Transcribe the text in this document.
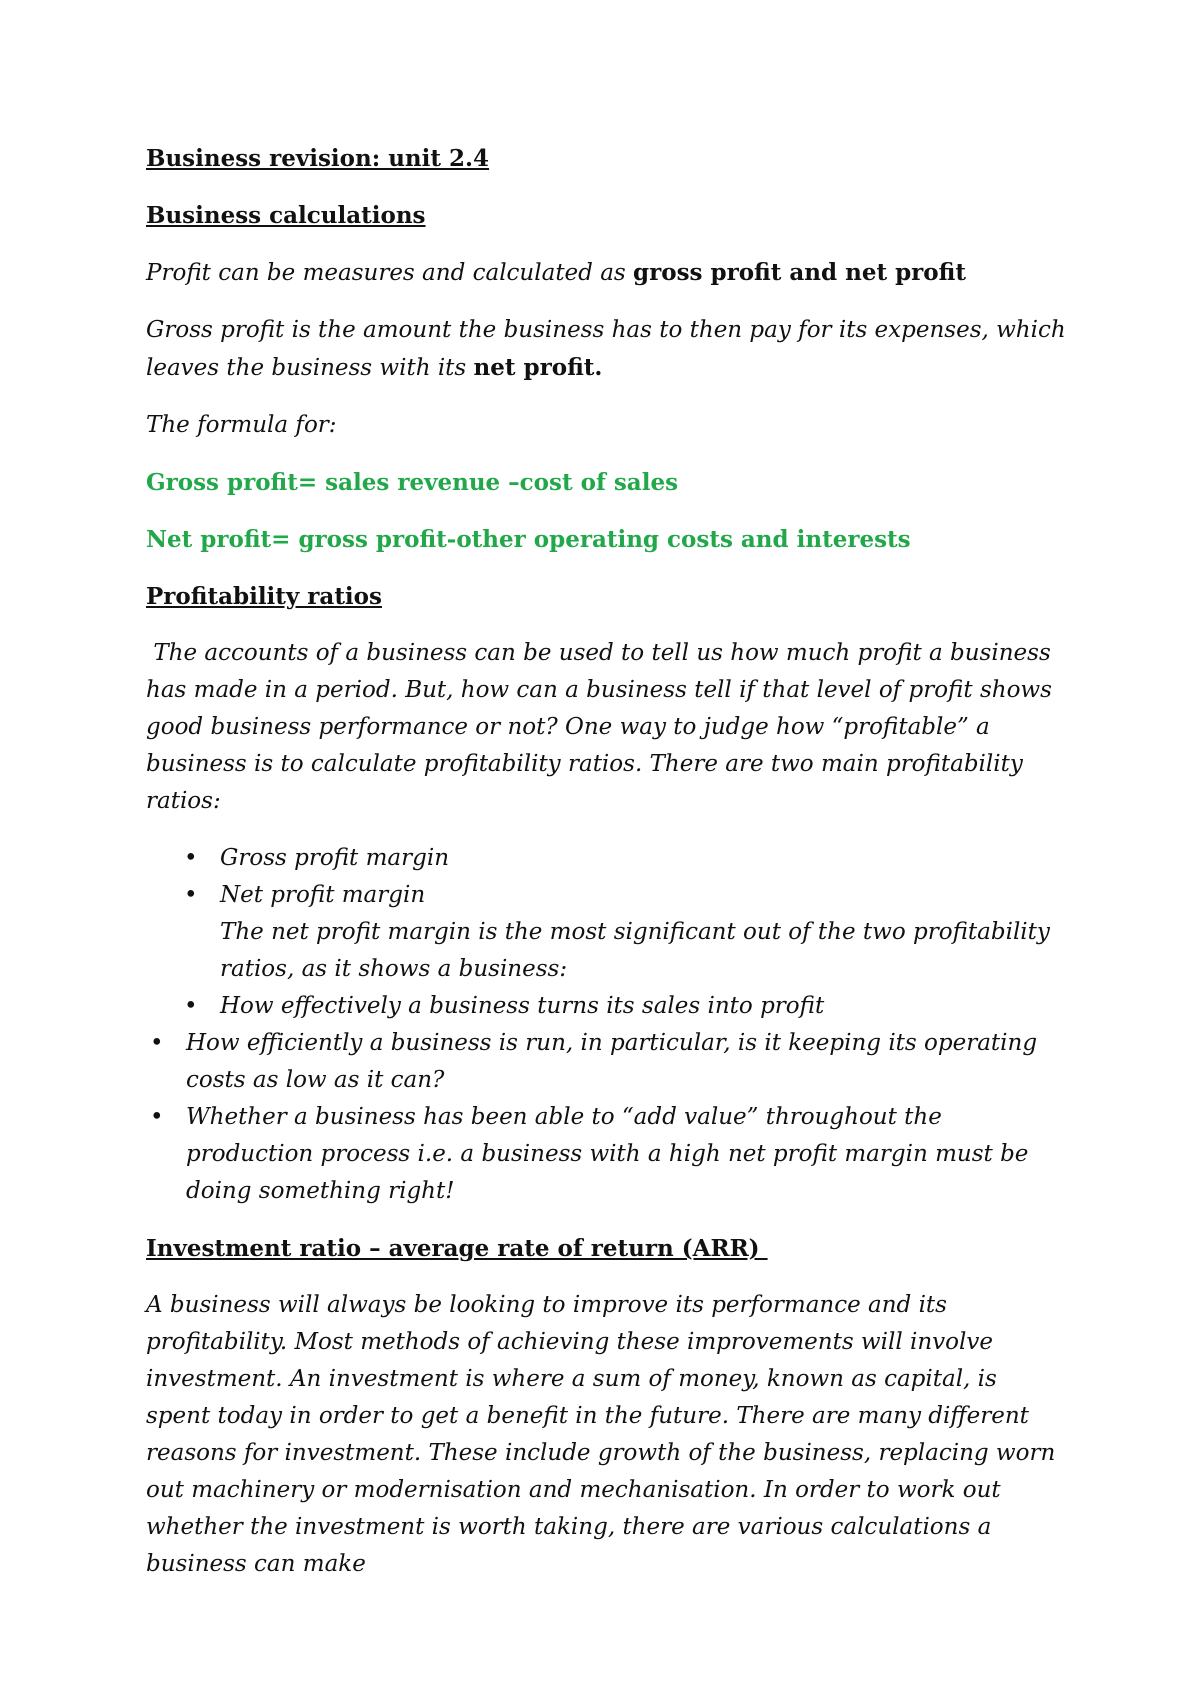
Business revision: unit 2.4
Business calculations

Profit can be measures and calculated as gross profit and net profit

Gross profit is the amount the business has to then pay for its expenses, which leaves the business with its net profit.

The formula for:

Gross profit= sales revenue –cost of sales
Net profit= gross profit-other operating costs and interests
Profitability ratios

The accounts of a business can be used to tell us how much profit a business has made in a period. But, how can a business tell if that level of profit shows good business performance or not? One way to judge how “profitable” a business is to calculate profitability ratios. There are two main profitability ratios:

• Gross profit margin
• Net profit margin
The net profit margin is the most significant out of the two profitability ratios, as it shows a business:
• How effectively a business turns its sales into profit
• How efficiently a business is run, in particular, is it keeping its operating costs as low as it can?
• Whether a business has been able to “add value” throughout the production process i.e. a business with a high net profit margin must be doing something right!
Investment ratio – average rate of return (ARR)

A business will always be looking to improve its performance and its profitability. Most methods of achieving these improvements will involve investment. An investment is where a sum of money, known as capital, is spent today in order to get a benefit in the future. There are many different reasons for investment. These include growth of the business, replacing worn out machinery or modernisation and mechanisation. In order to work out whether the investment is worth taking, there are various calculations a business can make
